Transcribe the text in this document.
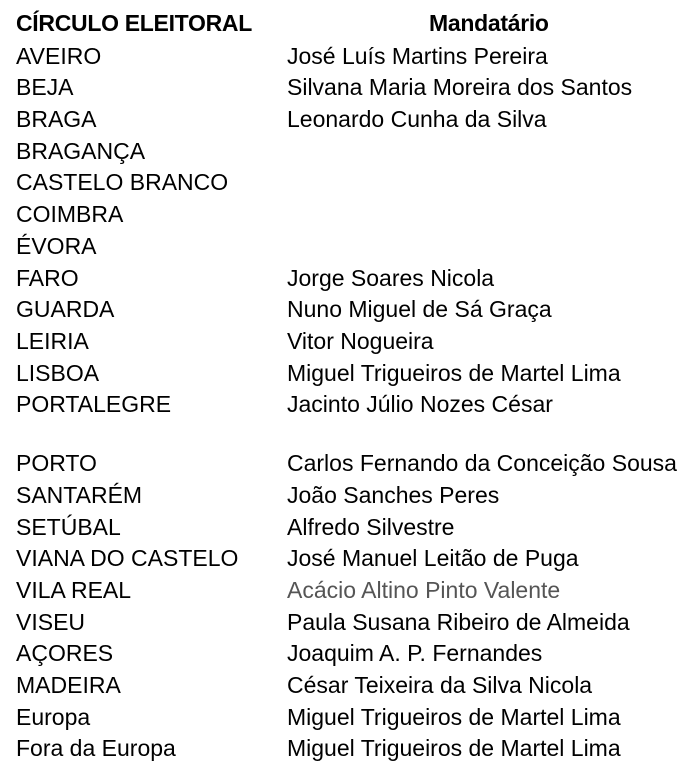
CÍRCULO ELEITORAL	Mandatário
AVEIRO	José Luís Martins Pereira
BEJA	Silvana Maria Moreira dos Santos
BRAGA	Leonardo Cunha da Silva
BRAGANÇA
CASTELO BRANCO
COIMBRA
ÉVORA
FARO	Jorge Soares Nicola
GUARDA	Nuno Miguel de Sá Graça
LEIRIA	Vitor Nogueira
LISBOA	Miguel Trigueiros de Martel Lima
PORTALEGRE	Jacinto Júlio Nozes César
PORTO	Carlos Fernando da Conceição Sousa
SANTARÉM	João Sanches Peres
SETÚBAL	Alfredo Silvestre
VIANA DO CASTELO José Manuel Leitão de Puga
VILA REAL	Acácio Altino Pinto Valente
VISEU	Paula Susana Ribeiro de Almeida
AÇORES	Joaquim A. P. Fernandes
MADEIRA	César Teixeira da Silva Nicola
Europa	Miguel Trigueiros de Martel Lima
Fora da Europa	Miguel Trigueiros de Martel Lima
